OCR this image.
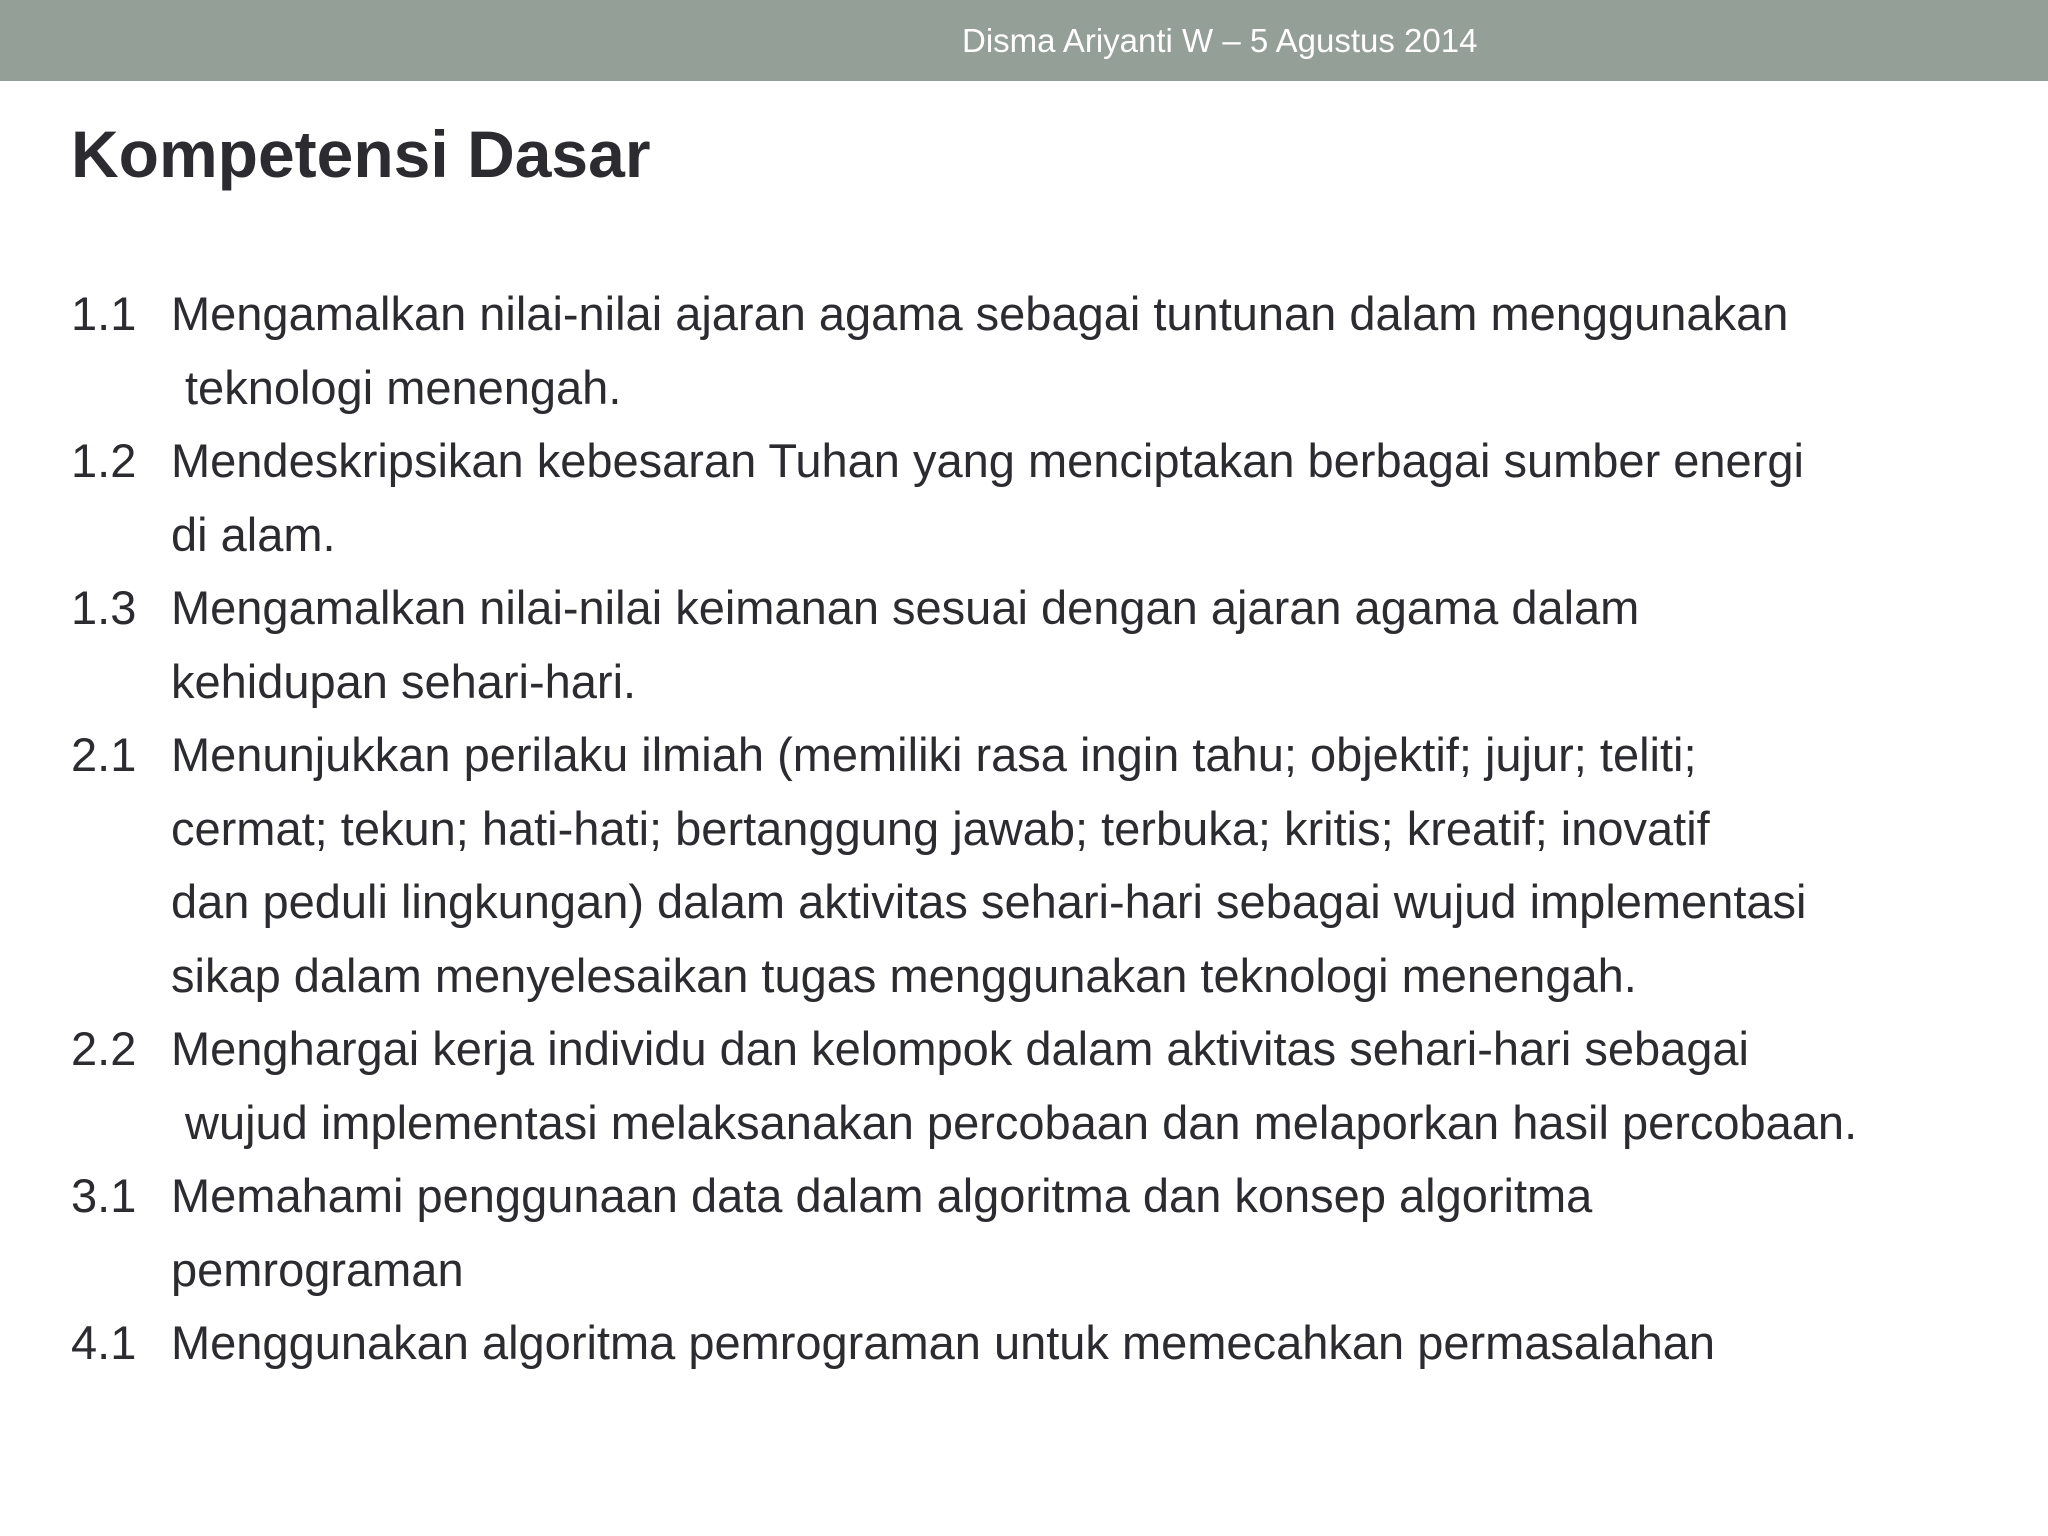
Disma Ariyanti W – 5 Agustus 2014
Kompetensi Dasar
1.1 Mengamalkan nilai-nilai ajaran agama sebagai tuntunan dalam menggunakan
teknologi menengah.
1.2 Mendeskripsikan kebesaran Tuhan yang menciptakan berbagai sumber energi
di alam.
1.3 Mengamalkan nilai-nilai keimanan sesuai dengan ajaran agama dalam
kehidupan sehari-hari.
2.1 Menunjukkan perilaku ilmiah (memiliki rasa ingin tahu; objektif; jujur; teliti;
cermat; tekun; hati-hati; bertanggung jawab; terbuka; kritis; kreatif; inovatif
dan peduli lingkungan) dalam aktivitas sehari-hari sebagai wujud implementasi
sikap dalam menyelesaikan tugas menggunakan teknologi menengah.
2.2 Menghargai kerja individu dan kelompok dalam aktivitas sehari-hari sebagai
wujud implementasi melaksanakan percobaan dan melaporkan hasil percobaan.
3.1 Memahami penggunaan data dalam algoritma dan konsep algoritma
pemrograman
4.1 Menggunakan algoritma pemrograman untuk memecahkan permasalahan
